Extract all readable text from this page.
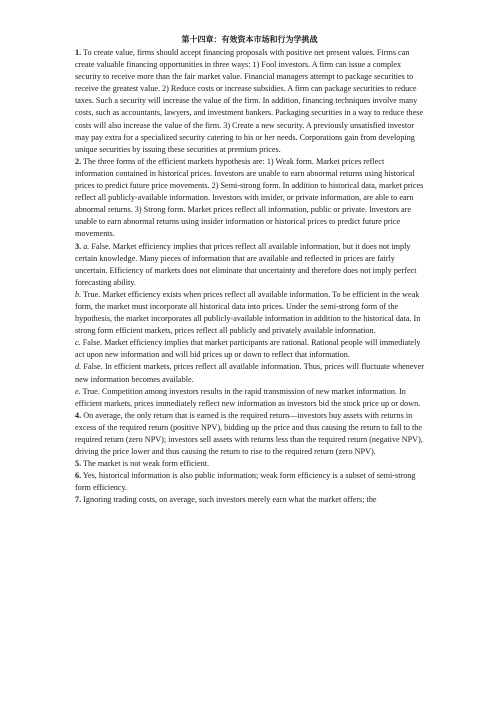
第十四章：有效资本市场和行为学挑战

1. To create value, firms should accept financing proposals with positive net present values. Firms can create valuable financing opportunities in three ways: 1) Fool investors. A firm can issue a complex security to receive more than the fair market value. Financial managers attempt to package securities to receive the greatest value. 2) Reduce costs or increase subsidies. A firm can package securities to reduce taxes. Such a security will increase the value of the firm. In addition, financing techniques involve many costs, such as accountants, lawyers, and investment bankers. Packaging securities in a way to reduce these costs will also increase the value of the firm. 3) Create a new security. A previously unsatisfied investor may pay extra for a specialized security catering to his or her needs. Corporations gain from developing unique securities by issuing these securities at premium prices.

2. The three forms of the efficient markets hypothesis are: 1) Weak form. Market prices reflect information contained in historical prices. Investors are unable to earn abnormal returns using historical prices to predict future price movements. 2) Semi-strong form. In addition to historical data, market prices reflect all publicly-available information. Investors with insider, or private information, are able to earn abnormal returns. 3) Strong form. Market prices reflect all information, public or private. Investors are unable to earn abnormal returns using insider information or historical prices to predict future price movements.

3. a. False. Market efficiency implies that prices reflect all available information, but it does not imply certain knowledge. Many pieces of information that are available and reflected in prices are fairly uncertain. Efficiency of markets does not eliminate that uncertainty and therefore does not imply perfect forecasting ability.

b. True. Market efficiency exists when prices reflect all available information. To be efficient in the weak form, the market must incorporate all historical data into prices. Under the semi-strong form of the hypothesis, the market incorporates all publicly-available information in addition to the historical data. In strong form efficient markets, prices reflect all publicly and privately available information.

c. False. Market efficiency implies that market participants are rational. Rational people will immediately act upon new information and will bid prices up or down to reflect that information.

d. False. In efficient markets, prices reflect all available information. Thus, prices will fluctuate whenever new information becomes available.

e. True. Competition among investors results in the rapid transmission of new market information. In efficient markets, prices immediately reflect new information as investors bid the stock price up or down.

4. On average, the only return that is earned is the required return—investors buy assets with returns in excess of the required return (positive NPV), bidding up the price and thus causing the return to fall to the required return (zero NPV); investors sell assets with returns less than the required return (negative NPV), driving the price lower and thus causing the return to rise to the required return (zero NPV).

5. The market is not weak form efficient.

6. Yes, historical information is also public information; weak form efficiency is a subset of semi-strong form efficiency.

7. Ignoring trading costs, on average, such investors merely earn what the market offers; the
